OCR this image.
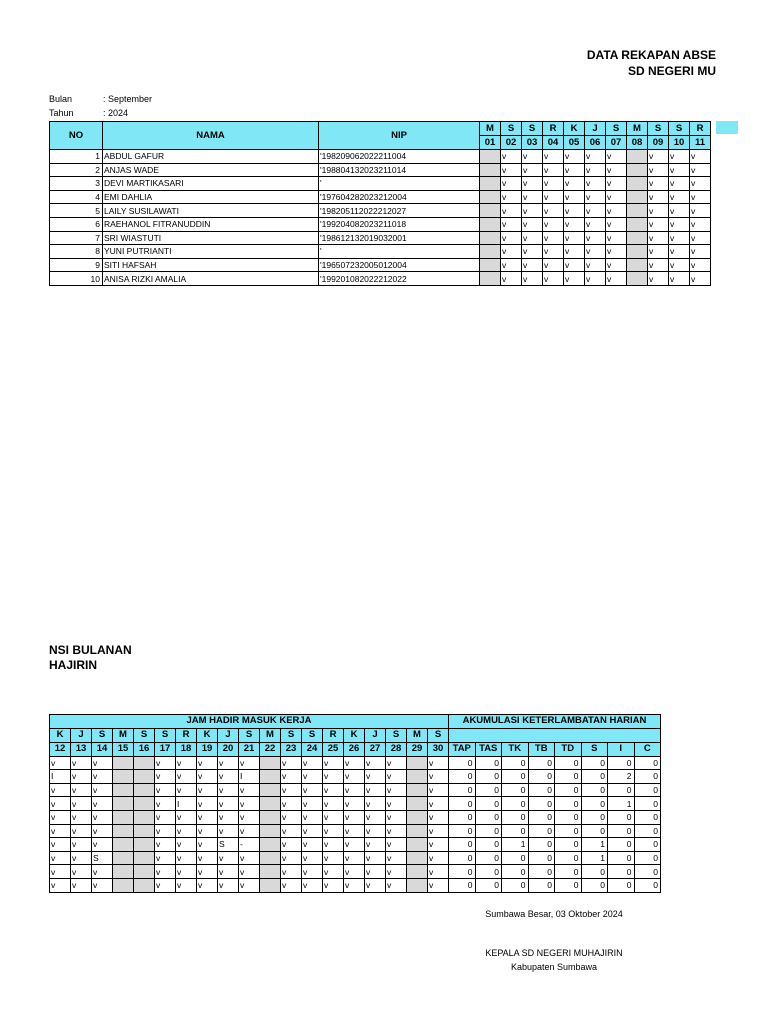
DATA REKAPAN ABSE
SD NEGERI MU
Bulan	: September
Tahun	: 2024
NO	NAMA	NIP	M	S	S	R	K	J	S	M	S	S	R
			01	02	03	04	05	06	07	08	09	10	11
1	ABDUL GAFUR	'198209062022211004		v	v	v	v	v	v		v	v	v
2	ANJAS WADE	'198804132023211014		v	v	v	v	v	v		v	v	v
3	DEVI MARTIKASARI	'		v	v	v	v	v	v		v	v	v
4	EMI DAHLIA	'197604282023212004		v	v	v	v	v	v		v	v	v
5	LAILY SUSILAWATI	'198205112022212027		v	v	v	v	v	v		v	v	v
6	RAEHANOL FITRANUDDIN	'199204082023211018		v	v	v	v	v	v		v	v	v
7	SRI WIASTUTI	'198612132019032001		v	v	v	v	v	v		v	v	v
8	YUNI PUTRIANTI	'		v	v	v	v	v	v		v	v	v
9	SITI HAFSAH	'196507232005012004		v	v	v	v	v	v		v	v	v
10	ANISA RIZKI AMALIA	'199201082022212022		v	v	v	v	v	v		v	v	v
NSI BULANAN
HAJIRIN
JAM HADIR MASUK KERJA																			AKUMULASI KETERLAMBATAN HARIAN							
K	J	S	M	S	S	R	K	J	S	M	S	S	R	K	J	S	M	S								
12	13	14	15	16	17	18	19	20	21	22	23	24	25	26	27	28	29	30	TAP	TAS	TK	TB	TD	S	I	C
v	v	v			v	v	v	v	v		v	v	v	v	v	v		v	0	0	0	0	0	0	0	0
I	v	v			v	v	v	v	I		v	v	v	v	v	v		v	0	0	0	0	0	0	2	0
v	v	v			v	v	v	v	v		v	v	v	v	v	v		v	0	0	0	0	0	0	0	0
v	v	v			v	I	v	v	v		v	v	v	v	v	v		v	0	0	0	0	0	0	1	0
v	v	v			v	v	v	v	v		v	v	v	v	v	v		v	0	0	0	0	0	0	0	0
v	v	v			v	v	v	v	v		v	v	v	v	v	v		v	0	0	0	0	0	0	0	0
v	v	v			v	v	v	S	-		v	v	v	v	v	v		v	0	0	1	0	0	1	0	0
v	v	S			v	v	v	v	v		v	v	v	v	v	v		v	0	0	0	0	0	1	0	0
v	v	v			v	v	v	v	v		v	v	v	v	v	v		v	0	0	0	0	0	0	0	0
v	v	v			v	v	v	v	v		v	v	v	v	v	v		v	0	0	0	0	0	0	0	0
Sumbawa Besar, 03 Oktober 2024
KEPALA SD NEGERI MUHAJIRIN
Kabupaten Sumbawa
